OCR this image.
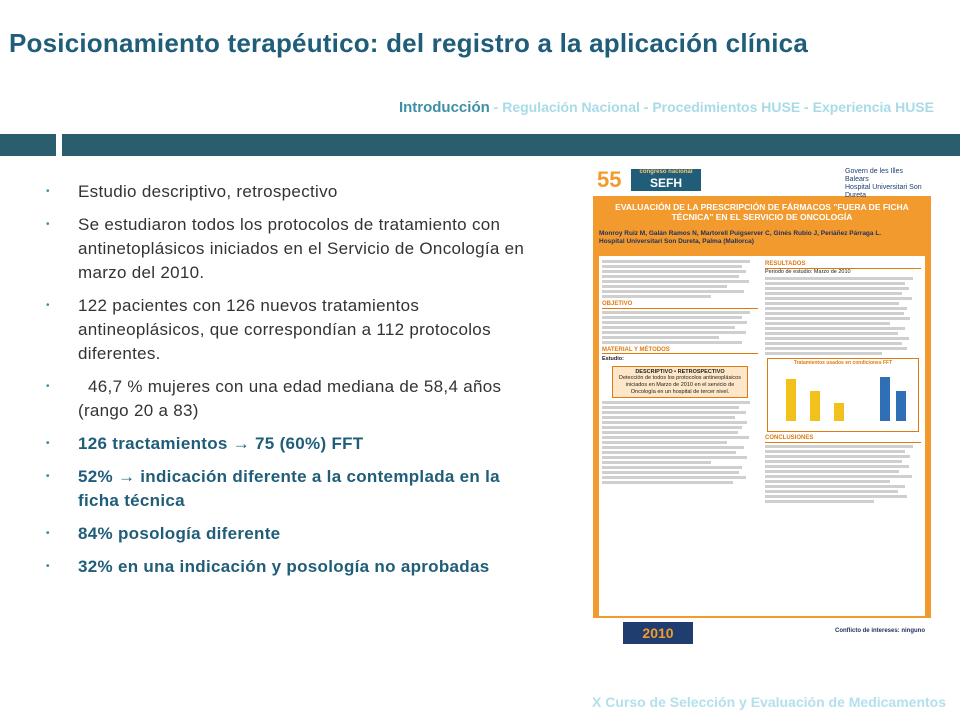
Posicionamiento terapéutico: del registro a la aplicación clínica
Introducción - Regulación Nacional - Procedimientos HUSE - Experiencia HUSE
• Estudio descriptivo, retrospectivo
• Se estudiaron todos los protocolos de tratamiento con antinetoplásicos iniciados en el Servicio de Oncología en marzo del 2010.
• 122 pacientes con 126 nuevos tratamientos antineoplásicos, que correspondían a 112 protocolos diferentes.
• 46,7 % mujeres con una edad mediana de 58,4 años (rango 20 a 83)
• 126 tractamientos → 75 (60%) FFT
• 52% → indicación diferente a la contemplada en la ficha técnica
• 84% posología diferente
• 32% en una indicación y posología no aprobadas
55	congreso nacional
SEFH
Govern de les Illes Balears
Hospital Universitari Son Dureta
EVALUACIÓN DE LA PRESCRIPCIÓN DE FÁRMACOS "FUERA DE FICHA TÉCNICA" EN EL SERVICIO DE ONCOLOGÍA
Monroy Ruiz M, Galán Ramos N, Martorell Puigserver C, Ginés Rubio J, Periáñez Párraga L.
Hospital Universitari Son Dureta, Palma (Mallorca)
OBJETIVO
MATERIAL Y MÉTODOS
Estudio:
DESCRIPTIVO • RETROSPECTIVO
Detección de todos los protocolos antineoplásicos iniciados en Marzo de 2010 en el servicio de Oncología en un hospital de tercer nivel.
RESULTADOS
Periodo de estudio: Marzo de 2010
Tratamientos usados en condiciones FFT
CONCLUSIONES
2010	Conflicto de intereses: ninguno
X Curso de Selección y Evaluación de Medicamentos
